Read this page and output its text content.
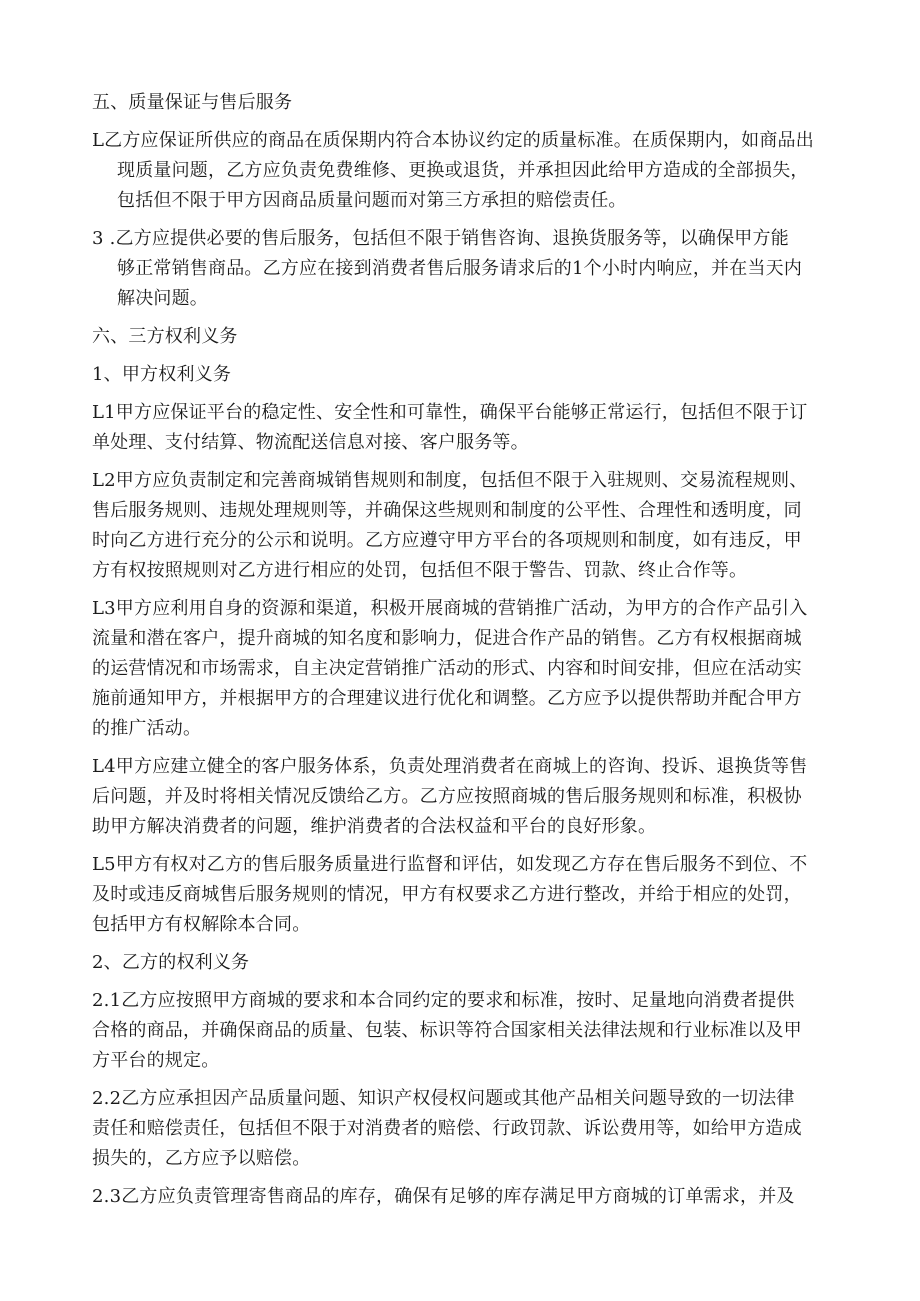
五、质量保证与售后服务
L乙方应保证所供应的商品在质保期内符合本协议约定的质量标准。在质保期内，如商品出
现质量问题，乙方应负责免费维修、更换或退货，并承担因此给甲方造成的全部损失，
包括但不限于甲方因商品质量问题而对第三方承担的赔偿责任。
3 .乙方应提供必要的售后服务，包括但不限于销售咨询、退换货服务等，以确保甲方能
够正常销售商品。乙方应在接到消费者售后服务请求后的1个小时内响应，并在当天内
解决问题。
六、三方权利义务
1、甲方权利义务
L1甲方应保证平台的稳定性、安全性和可靠性，确保平台能够正常运行，包括但不限于订
单处理、支付结算、物流配送信息对接、客户服务等。
L2甲方应负责制定和完善商城销售规则和制度，包括但不限于入驻规则、交易流程规则、
售后服务规则、违规处理规则等，并确保这些规则和制度的公平性、合理性和透明度，同
时向乙方进行充分的公示和说明。乙方应遵守甲方平台的各项规则和制度，如有违反，甲
方有权按照规则对乙方进行相应的处罚，包括但不限于警告、罚款、终止合作等。
L3甲方应利用自身的资源和渠道，积极开展商城的营销推广活动，为甲方的合作产品引入
流量和潜在客户，提升商城的知名度和影响力，促进合作产品的销售。乙方有权根据商城
的运营情况和市场需求，自主决定营销推广活动的形式、内容和时间安排，但应在活动实
施前通知甲方，并根据甲方的合理建议进行优化和调整。乙方应予以提供帮助并配合甲方
的推广活动。
L4甲方应建立健全的客户服务体系，负责处理消费者在商城上的咨询、投诉、退换货等售
后问题，并及时将相关情况反馈给乙方。乙方应按照商城的售后服务规则和标准，积极协
助甲方解决消费者的问题，维护消费者的合法权益和平台的良好形象。
L5甲方有权对乙方的售后服务质量进行监督和评估，如发现乙方存在售后服务不到位、不
及时或违反商城售后服务规则的情况，甲方有权要求乙方进行整改，并给于相应的处罚，
包括甲方有权解除本合同。
2、乙方的权利义务
2.1乙方应按照甲方商城的要求和本合同约定的要求和标准，按时、足量地向消费者提供
合格的商品，并确保商品的质量、包装、标识等符合国家相关法律法规和行业标准以及甲
方平台的规定。
2.2乙方应承担因产品质量问题、知识产权侵权问题或其他产品相关问题导致的一切法律
责任和赔偿责任，包括但不限于对消费者的赔偿、行政罚款、诉讼费用等，如给甲方造成
损失的，乙方应予以赔偿。
2.3乙方应负责管理寄售商品的库存，确保有足够的库存满足甲方商城的订单需求，并及
